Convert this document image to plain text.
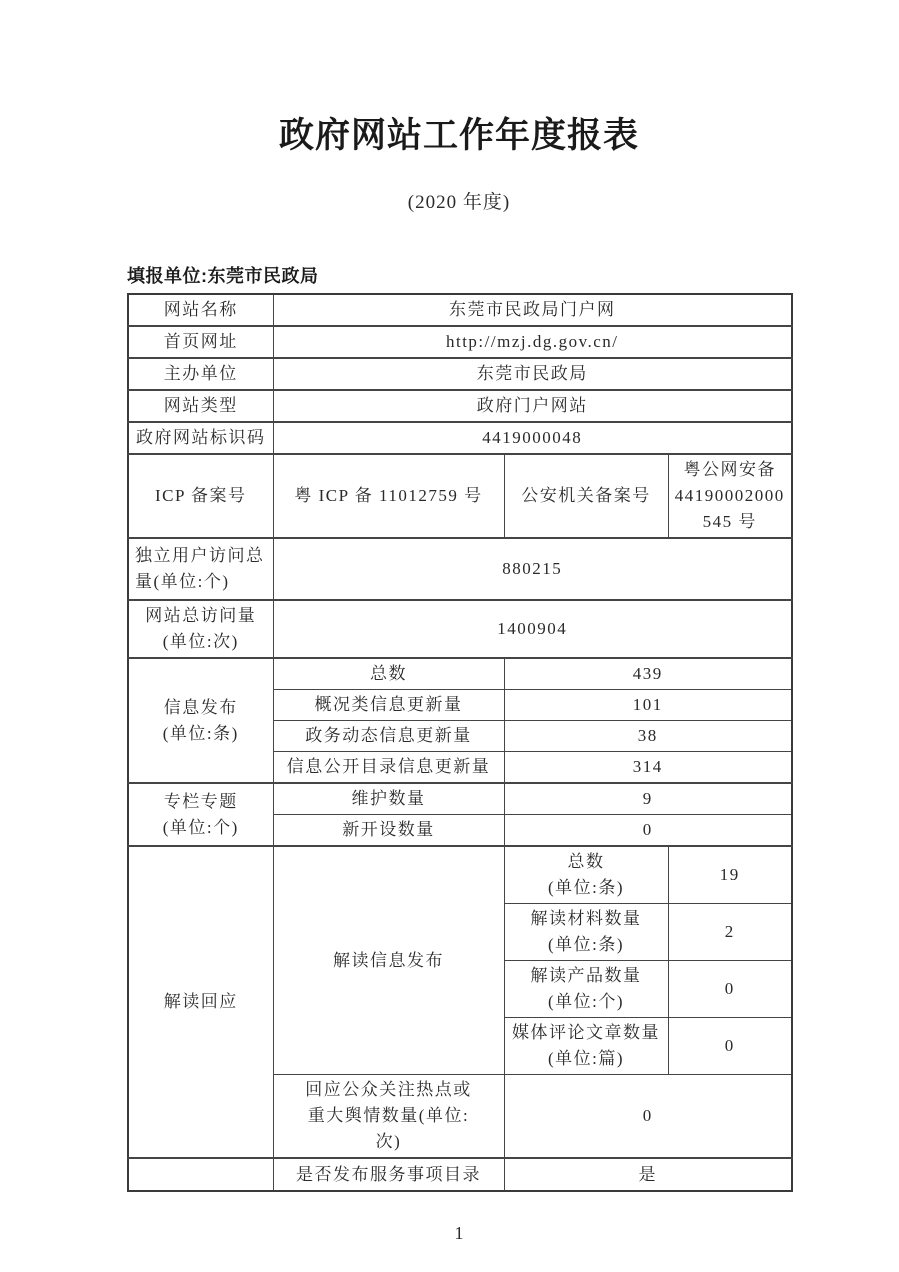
政府网站工作年度报表
(2020 年度)
填报单位:东莞市民政局
网站名称	东莞市民政局门户网		
首页网址	http://mzj.dg.gov.cn/		
主办单位	东莞市民政局		
网站类型	政府门户网站		
政府网站标识码	4419000048		
ICP 备案号	粤 ICP 备 11012759 号	公安机关备案号	粤公网安备
44190002000
545 号
独立用户访问总
量(单位:个)	880215		
网站总访问量
(单位:次)	1400904		
信息发布
(单位:条)	总数	439	
	概况类信息更新量	101	
	政务动态信息更新量	38	
	信息公开目录信息更新量	314	
专栏专题
(单位:个)	维护数量	9	
	新开设数量	0	
解读回应	解读信息发布	总数
(单位:条)	19
		解读材料数量
(单位:条)	2
		解读产品数量
(单位:个)	0
		媒体评论文章数量
(单位:篇)	0
	回应公众关注热点或
重大舆情数量(单位:
次)	0	
	是否发布服务事项目录	是	
1
